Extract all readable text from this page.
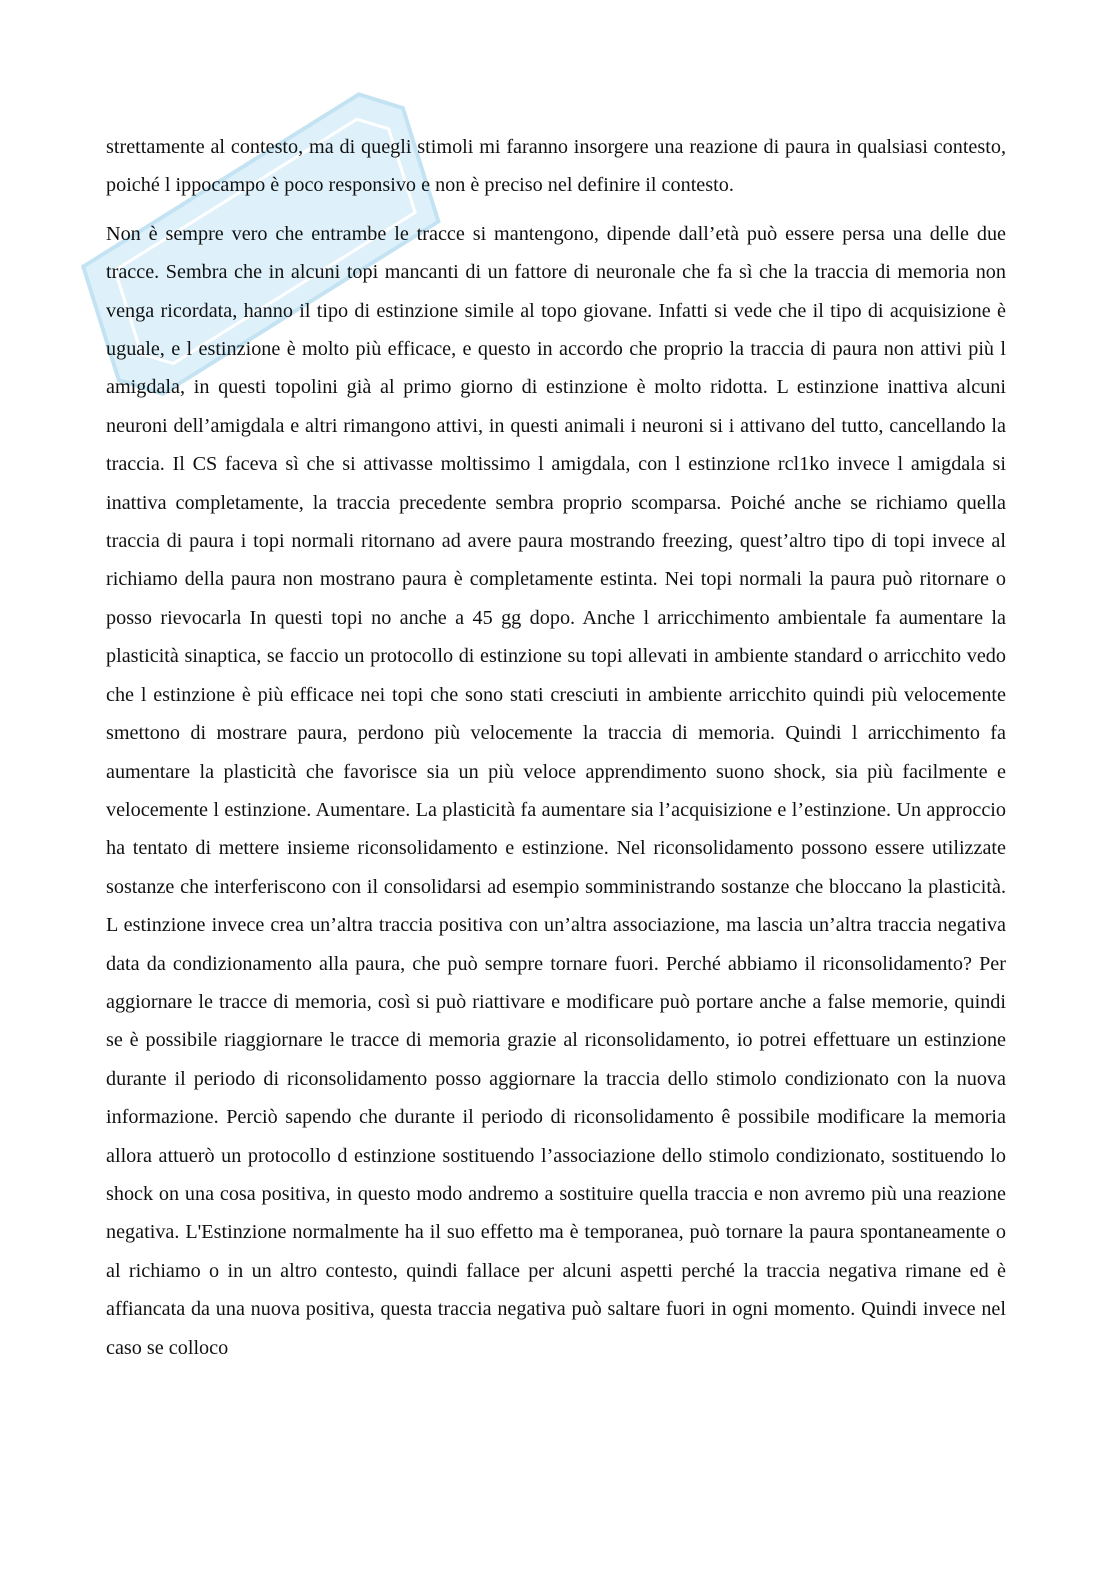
strettamente al contesto, ma di quegli stimoli mi faranno insorgere una reazione di paura in qualsiasi contesto, poiché l ippocampo è poco responsivo e non è preciso nel definire il contesto.

Non è sempre vero che entrambe le tracce si mantengono, dipende dall’età può essere persa una delle due tracce. Sembra che in alcuni topi mancanti di un fattore di neuronale che fa sì che la traccia di memoria non venga ricordata, hanno il tipo di estinzione simile al topo giovane. Infatti si vede che il tipo di acquisizione è uguale, e l estinzione è molto più efficace, e questo in accordo che proprio la traccia di paura non attivi più l amigdala, in questi topolini già al primo giorno di estinzione è molto ridotta. L estinzione inattiva alcuni neuroni dell’amigdala e altri rimangono attivi, in questi animali i neuroni si i attivano del tutto, cancellando la traccia. Il CS faceva sì che si attivasse moltissimo l amigdala, con l estinzione rcl1ko invece l amigdala si inattiva completamente, la traccia precedente sembra proprio scomparsa. Poiché anche se richiamo quella traccia di paura i topi normali ritornano ad avere paura mostrando freezing, quest’altro tipo di topi invece al richiamo della paura non mostrano paura è completamente estinta. Nei topi normali la paura può ritornare o posso rievocarla In questi topi no anche a 45 gg dopo. Anche l arricchimento ambientale fa aumentare la plasticità sinaptica, se faccio un protocollo di estinzione su topi allevati in ambiente standard o arricchito vedo che l estinzione è più efficace nei topi che sono stati cresciuti in ambiente arricchito quindi più velocemente smettono di mostrare paura, perdono più velocemente la traccia di memoria. Quindi l arricchimento fa aumentare la plasticità che favorisce sia un più veloce apprendimento suono shock, sia più facilmente e velocemente l estinzione. Aumentare. La plasticità fa aumentare sia l’acquisizione e l’estinzione. Un approccio ha tentato di mettere insieme riconsolidamento e estinzione. Nel riconsolidamento possono essere utilizzate sostanze che interferiscono con il consolidarsi ad esempio somministrando sostanze che bloccano la plasticità. L estinzione invece crea un’altra traccia positiva con un’altra associazione, ma lascia un’altra traccia negativa data da condizionamento alla paura, che può sempre tornare fuori. Perché abbiamo il riconsolidamento? Per aggiornare le tracce di memoria, così si può riattivare e modificare può portare anche a false memorie, quindi se è possibile riaggiornare le tracce di memoria grazie al riconsolidamento, io potrei effettuare un estinzione durante il periodo di riconsolidamento posso aggiornare la traccia dello stimolo condizionato con la nuova informazione. Perciò sapendo che durante il periodo di riconsolidamento ê possibile modificare la memoria allora attuerò un protocollo d estinzione sostituendo l’associazione dello stimolo condizionato, sostituendo lo shock on una cosa positiva, in questo modo andremo a sostituire quella traccia e non avremo più una reazione negativa. L'Estinzione normalmente ha il suo effetto ma è temporanea, può tornare la paura spontaneamente o al richiamo o in un altro contesto, quindi fallace per alcuni aspetti perché la traccia negativa rimane ed è affiancata da una nuova positiva, questa traccia negativa può saltare fuori in ogni momento. Quindi invece nel caso se colloco
